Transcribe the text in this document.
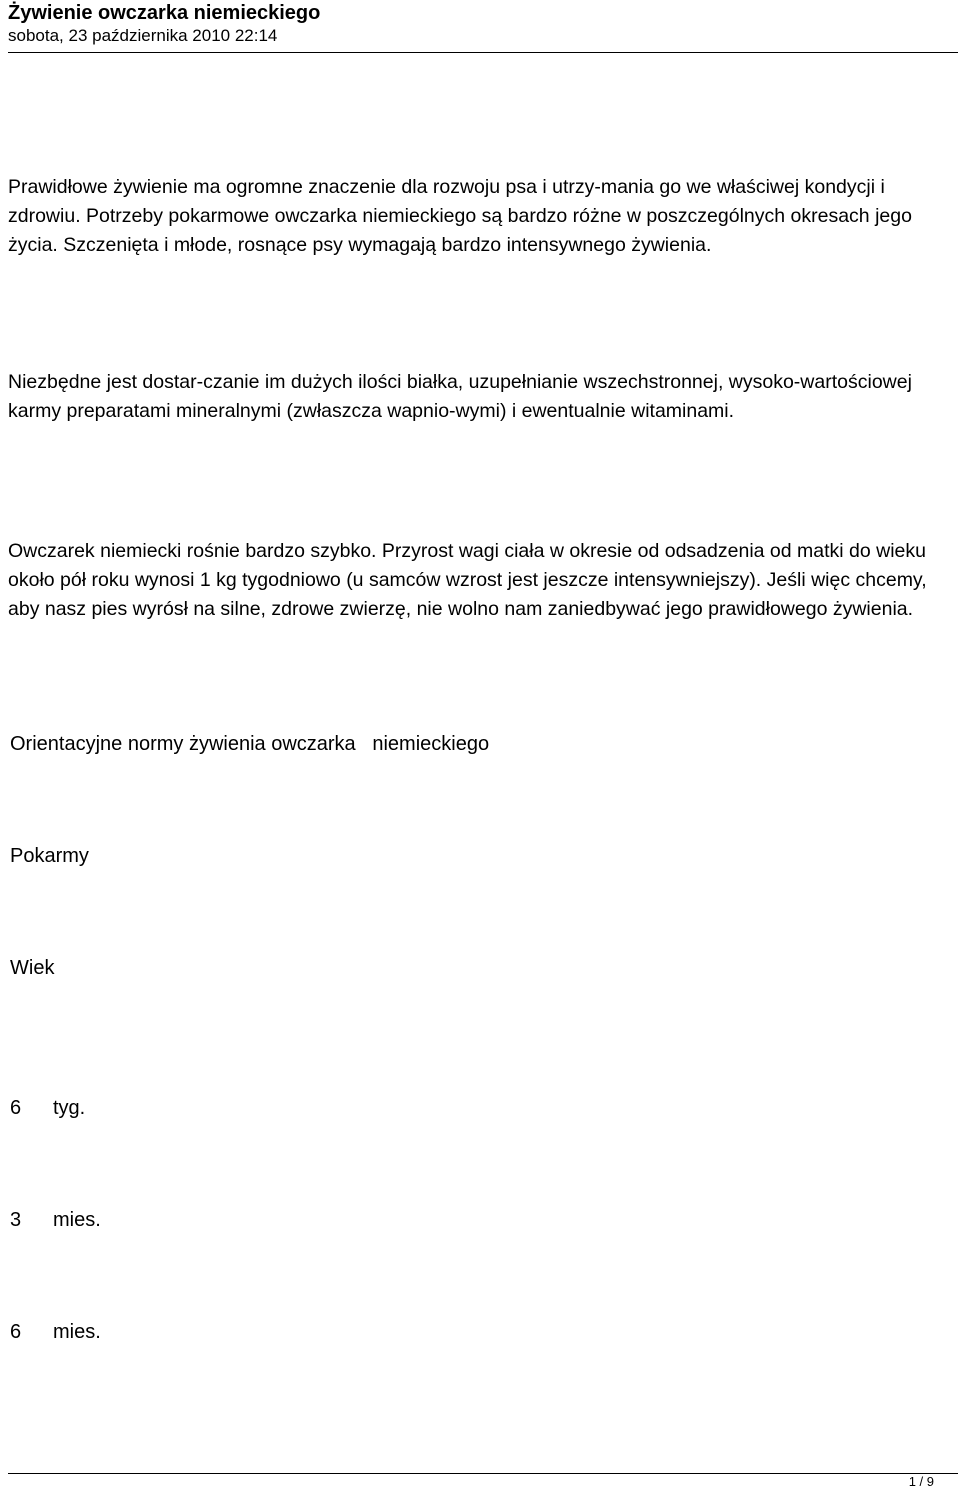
Żywienie owczarka niemieckiego
sobota, 23 października 2010 22:14
Prawidłowe żywienie ma ogromne znaczenie dla rozwoju psa i utrzy-mania go we właściwej kondycji i zdrowiu. Potrzeby pokarmowe owczarka niemieckiego są bardzo różne w poszczególnych okresach jego życia. Szczenięta i młode, rosnące psy wymagają bardzo intensywnego żywienia.
Niezbędne jest dostar-czanie im dużych ilości białka, uzupełnianie wszechstronnej, wysoko-wartościowej karmy preparatami mineralnymi (zwłaszcza wapnio-wymi) i ewentualnie witaminami.
Owczarek niemiecki rośnie bardzo szybko. Przyrost wagi ciała w okresie od odsadzenia od matki do wieku około pół roku wynosi 1 kg tygodniowo (u samców wzrost jest jeszcze intensywniejszy). Jeśli więc chcemy, aby nasz pies wyrósł na silne, zdrowe zwierzę, nie wolno nam zaniedbywać jego prawidłowego żywienia.
Orientacyjne normy żywienia owczarka   niemieckiego
Pokarmy
Wiek
6 tyg.
3 mies.
6 mies.
1 / 9
